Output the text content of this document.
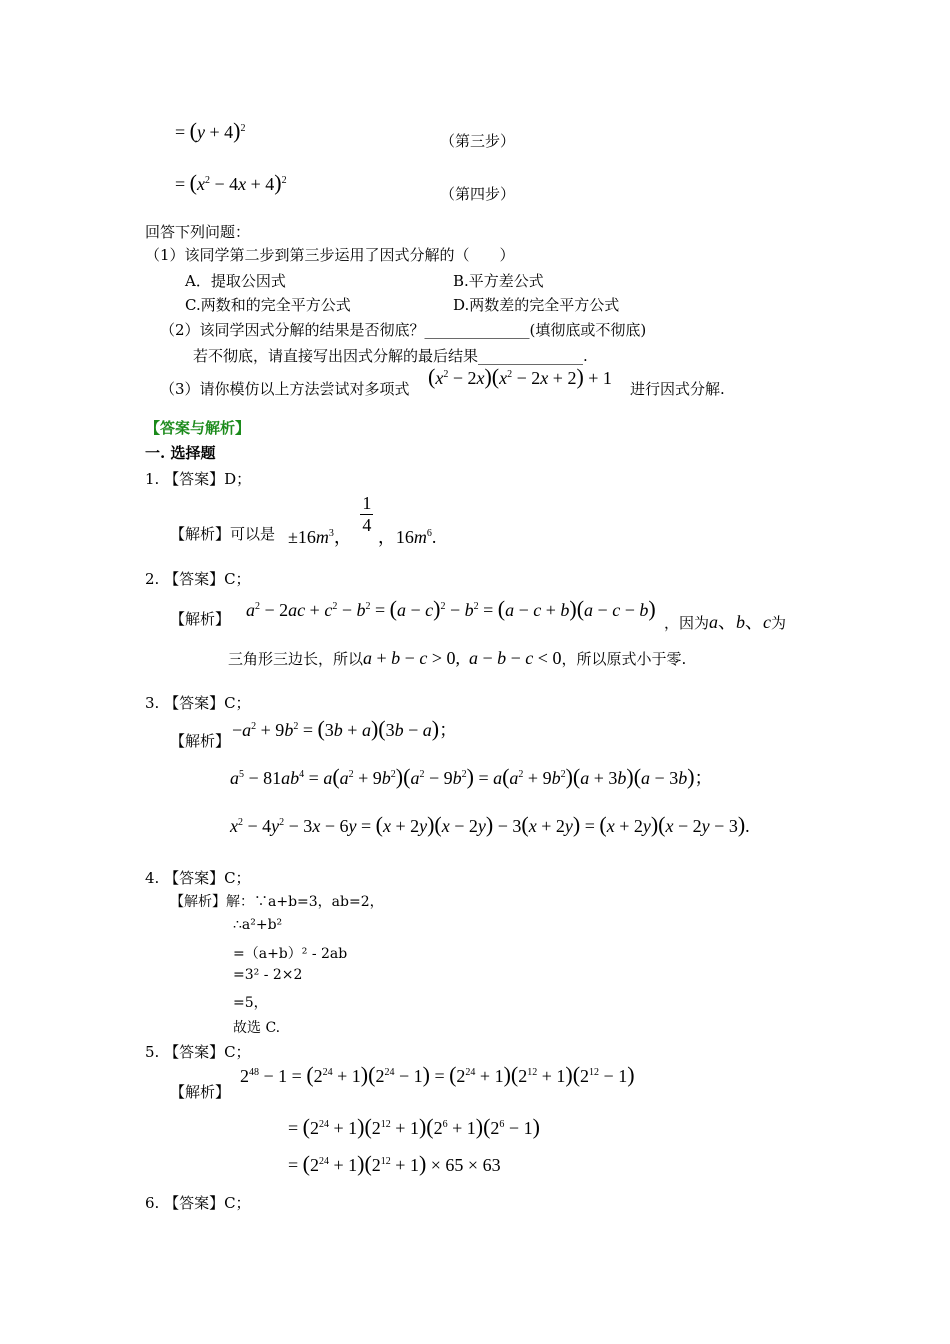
= $(y + 4)^2$
（第三步）
= $(x^2 - 4x + 4)^2$
（第四步）
回答下列问题：
（1）该同学第二步到第三步运用了因式分解的（　　）
A．提取公因式	B.平方差公式
C.两数和的完全平方公式	D.两数差的完全平方公式
（2）该同学因式分解的结果是否彻底？______________(填彻底或不彻底)
若不彻底，请直接写出因式分解的最后结果______________.
（3）请你模仿以上方法尝试对多项式 $(x^2 - 2x)(x^2 - 2x + 2) + 1$
进行因式分解.
【答案与解析】
一. 选择题
1. 【答案】D；
【解析】可以是 $\pm 16m^3$，
$\frac{1}{4}$
，$16m^6$.
2. 【答案】C；
【解析】 $a^2 - 2ac + c^2 - b^2 = (a - c)^2 - b^2 = (a - c + b)(a - c - b)$
，因为a、b、c为
三角形三边长，所以a + b − c > 0,  a − b − c < 0，所以原式小于零.
3. 【答案】C；
【解析】
$-a^2 + 9b^2 = (3b + a)(3b - a)$；
$a^5 - 81ab^4 = a(a^2 + 9b^2)(a^2 - 9b^2) = a(a^2 + 9b^2)(a + 3b)(a - 3b)$；
$x^2 - 4y^2 - 3x - 6y = (x + 2y)(x - 2y) - 3(x + 2y) = (x + 2y)(x - 2y - 3)$.
4. 【答案】C；
【解析】解：∵a+b=3，ab=2，
∴a²+b²
=（a+b）² - 2ab
=3² - 2×2
=5，
故选 C.
5. 【答案】C；
【解析】
$2^{48} - 1 = (2^{24} + 1)(2^{24} - 1) = (2^{24} + 1)(2^{12} + 1)(2^{12} - 1)$
= $(2^{24} + 1)(2^{12} + 1)(2^6 + 1)(2^6 - 1)$
= $(2^{24} + 1)(2^{12} + 1) \times 65 \times 63$
6. 【答案】C；
